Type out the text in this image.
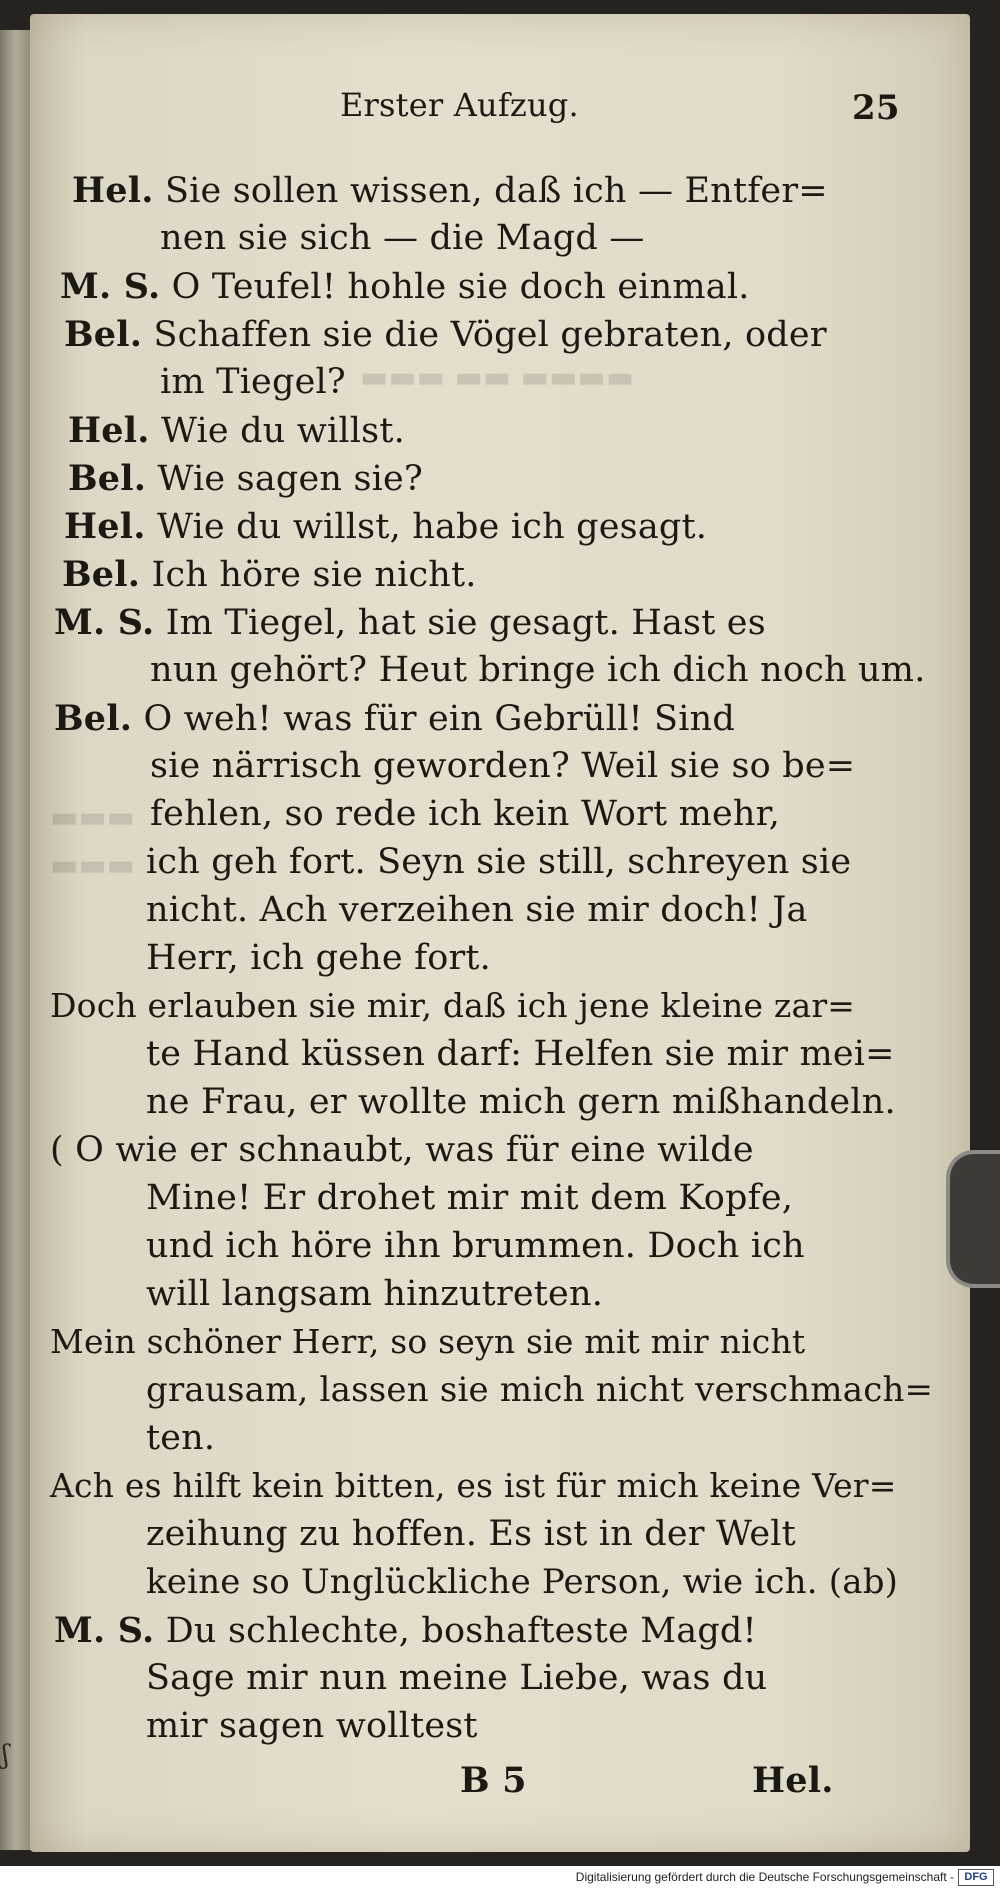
▬▬▬ ▬▬ ▬▬▬▬
▬▬▬
▬▬▬
Erster Aufzug.	25
Hel. Sie sollen wissen, daß ich — Entfer=
nen sie sich — die Magd —
M. S. O Teufel! hohle sie doch einmal.
Bel. Schaffen sie die Vögel gebraten, oder
im Tiegel?
Hel. Wie du willst.
Bel. Wie sagen sie?
Hel. Wie du willst, habe ich gesagt.
Bel. Ich höre sie nicht.
M. S. Im Tiegel, hat sie gesagt. Hast es
nun gehört? Heut bringe ich dich noch um.
Bel. O weh! was für ein Gebrüll! Sind
sie närrisch geworden? Weil sie so be=
fehlen, so rede ich kein Wort mehr,
ich geh fort. Seyn sie still, schreyen sie
nicht. Ach verzeihen sie mir doch! Ja
Herr, ich gehe fort.
Doch erlauben sie mir, daß ich jene kleine zar=
te Hand küssen darf: Helfen sie mir mei=
ne Frau, er wollte mich gern mißhandeln.
( O wie er schnaubt, was für eine wilde
Mine! Er drohet mir mit dem Kopfe,
und ich höre ihn brummen. Doch ich
will langsam hinzutreten.
Mein schöner Herr, so seyn sie mit mir nicht
grausam, lassen sie mich nicht verschmach=
ten.
Ach es hilft kein bitten, es ist für mich keine Ver=
zeihung zu hoffen. Es ist in der Welt
keine so Unglückliche Person, wie ich. (ab)
M. S. Du schlechte, boshafteste Magd!
Sage mir nun meine Liebe, was du
mir sagen wolltest
B 5	Hel.
ʃ
Digitalisierung gefördert durch die Deutsche Forschungsgemeinschaft - DFG
